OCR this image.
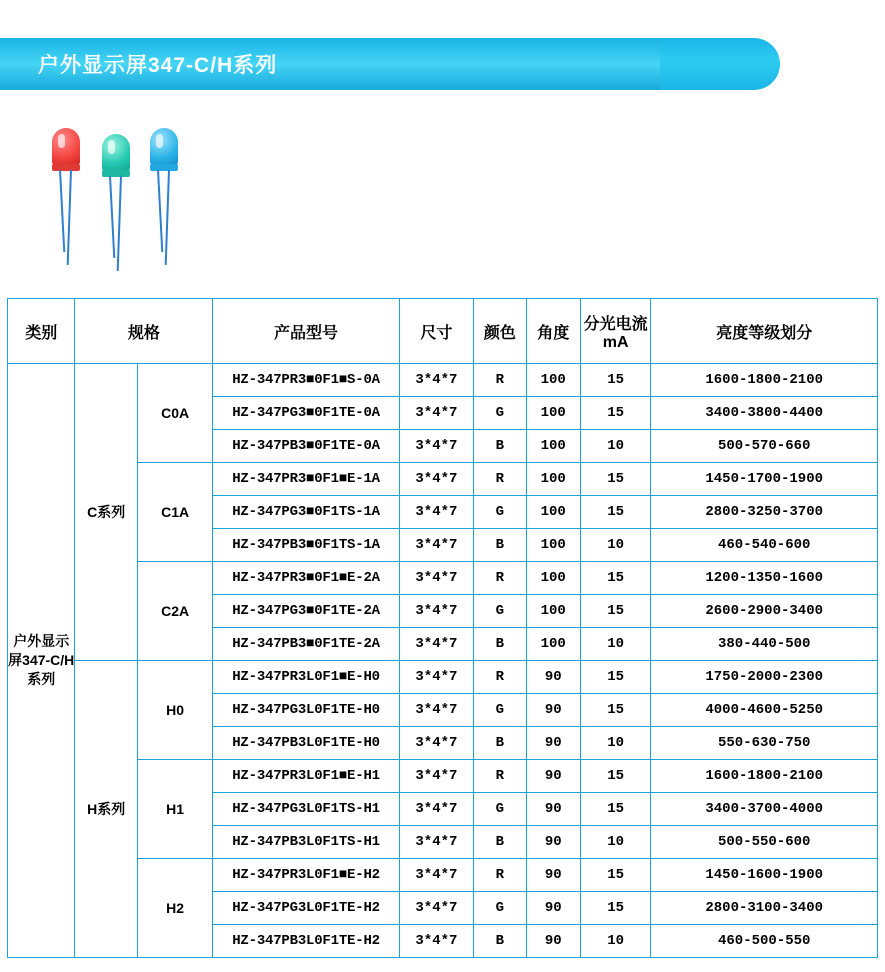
户外显示屏347-C/H系列
类别	规格		产品型号	尺寸	颜色	角度	分光电流mA	亮度等级划分
户外显示屏347-C/H系列	C系列	C0A	HZ-347PR3■0F1■S-0A	3*4*7	R	100	15	1600-1800-2100
			HZ-347PG3■0F1TE-0A	3*4*7	G	100	15	3400-3800-4400
			HZ-347PB3■0F1TE-0A	3*4*7	B	100	10	500-570-660
		C1A	HZ-347PR3■0F1■E-1A	3*4*7	R	100	15	1450-1700-1900
			HZ-347PG3■0F1TS-1A	3*4*7	G	100	15	2800-3250-3700
			HZ-347PB3■0F1TS-1A	3*4*7	B	100	10	460-540-600
		C2A	HZ-347PR3■0F1■E-2A	3*4*7	R	100	15	1200-1350-1600
			HZ-347PG3■0F1TE-2A	3*4*7	G	100	15	2600-2900-3400
			HZ-347PB3■0F1TE-2A	3*4*7	B	100	10	380-440-500
	H系列	H0	HZ-347PR3L0F1■E-H0	3*4*7	R	90	15	1750-2000-2300
			HZ-347PG3L0F1TE-H0	3*4*7	G	90	15	4000-4600-5250
			HZ-347PB3L0F1TE-H0	3*4*7	B	90	10	550-630-750
		H1	HZ-347PR3L0F1■E-H1	3*4*7	R	90	15	1600-1800-2100
			HZ-347PG3L0F1TS-H1	3*4*7	G	90	15	3400-3700-4000
			HZ-347PB3L0F1TS-H1	3*4*7	B	90	10	500-550-600
		H2	HZ-347PR3L0F1■E-H2	3*4*7	R	90	15	1450-1600-1900
			HZ-347PG3L0F1TE-H2	3*4*7	G	90	15	2800-3100-3400
			HZ-347PB3L0F1TE-H2	3*4*7	B	90	10	460-500-550
